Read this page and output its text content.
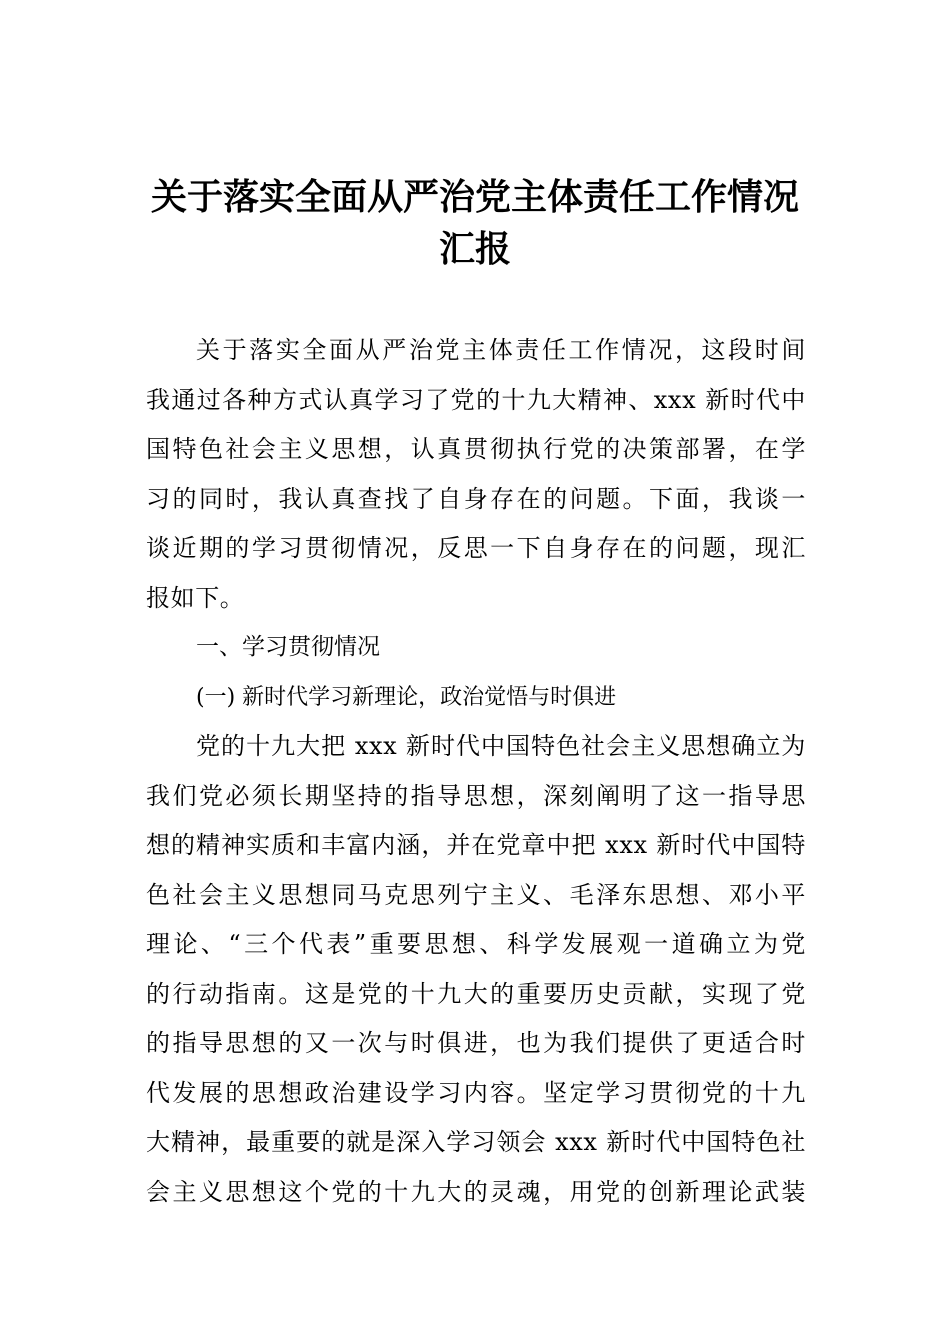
关于落实全面从严治党主体责任工作情况
汇报
关于落实全面从严治党主体责任工作情况，这段时间
我通过各种方式认真学习了党的十九大精神、xxx 新时代中
国特色社会主义思想，认真贯彻执行党的决策部署，在学
习的同时，我认真查找了自身存在的问题。下面，我谈一
谈近期的学习贯彻情况，反思一下自身存在的问题，现汇
报如下。
一、学习贯彻情况
(一) 新时代学习新理论，政治觉悟与时俱进
党的十九大把 xxx 新时代中国特色社会主义思想确立为
我们党必须长期坚持的指导思想，深刻阐明了这一指导思
想的精神实质和丰富内涵，并在党章中把 xxx 新时代中国特
色社会主义思想同马克思列宁主义、毛泽东思想、邓小平
理论、“三个代表”重要思想、科学发展观一道确立为党
的行动指南。这是党的十九大的重要历史贡献，实现了党
的指导思想的又一次与时俱进，也为我们提供了更适合时
代发展的思想政治建设学习内容。坚定学习贯彻党的十九
大精神，最重要的就是深入学习领会 xxx 新时代中国特色社
会主义思想这个党的十九大的灵魂，用党的创新理论武装
